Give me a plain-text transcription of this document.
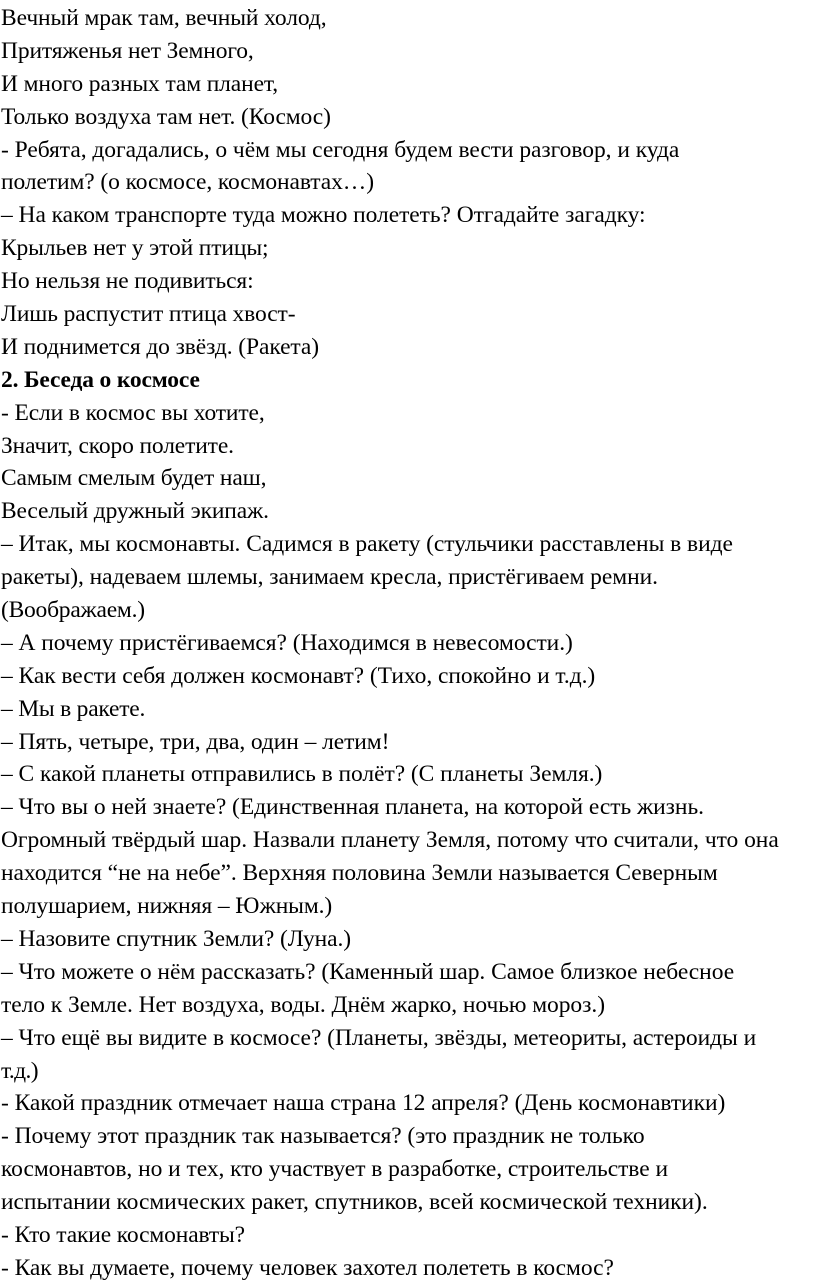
Вечный мрак там, вечный холод,
Притяженья нет Земного,
И много разных там планет,
Только воздуха там нет. (Космос)
- Ребята, догадались, о чём мы сегодня будем вести разговор, и куда
полетим? (о космосе, космонавтах…)
– На каком транспорте туда можно полететь? Отгадайте загадку:
Крыльев нет у этой птицы;
Но нельзя не подивиться:
Лишь распустит птица хвост-
И поднимется до звёзд. (Ракета)
2. Беседа о космосе
- Если в космос вы хотите,
Значит, скоро полетите.
Самым смелым будет наш,
Веселый дружный экипаж.
– Итак, мы космонавты. Садимся в ракету (стульчики расставлены в виде
ракеты), надеваем шлемы, занимаем кресла, пристёгиваем ремни.
(Воображаем.)
– А почему пристёгиваемся? (Находимся в невесомости.)
– Как вести себя должен космонавт? (Тихо, спокойно и т.д.)
– Мы в ракете.
– Пять, четыре, три, два, один – летим!
– С какой планеты отправились в полёт? (С планеты Земля.)
– Что вы о ней знаете? (Единственная планета, на которой есть жизнь.
Огромный твёрдый шар. Назвали планету Земля, потому что считали, что она
находится “не на небе”. Верхняя половина Земли называется Северным
полушарием, нижняя – Южным.)
– Назовите спутник Земли? (Луна.)
– Что можете о нём рассказать? (Каменный шар. Самое близкое небесное
тело к Земле. Нет воздуха, воды. Днём жарко, ночью мороз.)
– Что ещё вы видите в космосе? (Планеты, звёзды, метеориты, астероиды и
т.д.)
- Какой праздник отмечает наша страна 12 апреля? (День космонавтики)
- Почему этот праздник так называется? (это праздник не только
космонавтов, но и тех, кто участвует в разработке, строительстве и
испытании космических ракет, спутников, всей космической техники).
- Кто такие космонавты?
- Как вы думаете, почему человек захотел полететь в космос?
